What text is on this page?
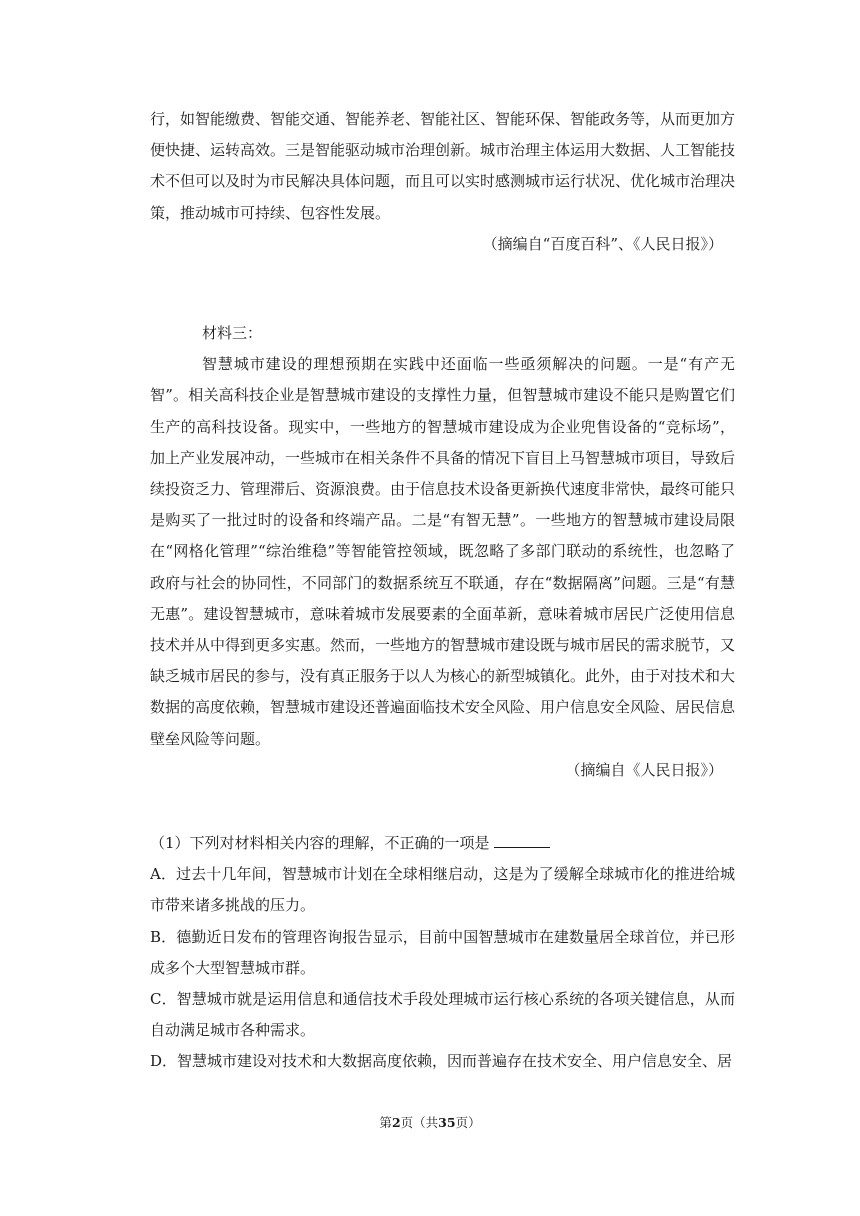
行，如智能缴费、智能交通、智能养老、智能社区、智能环保、智能政务等，从而更加方便快捷、运转高效。三是智能驱动城市治理创新。城市治理主体运用大数据、人工智能技术不但可以及时为市民解决具体问题，而且可以实时感测城市运行状况、优化城市治理决策，推动城市可持续、包容性发展。

（摘编自“百度百科”、《人民日报》）

材料三：

智慧城市建设的理想预期在实践中还面临一些亟须解决的问题。一是“有产无智”。相关高科技企业是智慧城市建设的支撑性力量，但智慧城市建设不能只是购置它们生产的高科技设备。现实中，一些地方的智慧城市建设成为企业兜售设备的“竞标场”，加上产业发展冲动，一些城市在相关条件不具备的情况下盲目上马智慧城市项目，导致后续投资乏力、管理滞后、资源浪费。由于信息技术设备更新换代速度非常快，最终可能只是购买了一批过时的设备和终端产品。二是“有智无慧”。一些地方的智慧城市建设局限在“网格化管理”“综治维稳”等智能管控领域，既忽略了多部门联动的系统性，也忽略了政府与社会的协同性，不同部门的数据系统互不联通，存在“数据隔离”问题。三是“有慧无惠”。建设智慧城市，意味着城市发展要素的全面革新，意味着城市居民广泛使用信息技术并从中得到更多实惠。然而，一些地方的智慧城市建设既与城市居民的需求脱节，又缺乏城市居民的参与，没有真正服务于以人为核心的新型城镇化。此外，由于对技术和大数据的高度依赖，智慧城市建设还普遍面临技术安全风险、用户信息安全风险、居民信息壁垒风险等问题。

（摘编自《人民日报》）

（1）下列对材料相关内容的理解，不正确的一项是

A．过去十几年间，智慧城市计划在全球相继启动，这是为了缓解全球城市化的推进给城市带来诸多挑战的压力。

B．德勤近日发布的管理咨询报告显示，目前中国智慧城市在建数量居全球首位，并已形成多个大型智慧城市群。

C．智慧城市就是运用信息和通信技术手段处理城市运行核心系统的各项关键信息，从而自动满足城市各种需求。

D．智慧城市建设对技术和大数据高度依赖，因而普遍存在技术安全、用户信息安全、居

第2页（共35页）
